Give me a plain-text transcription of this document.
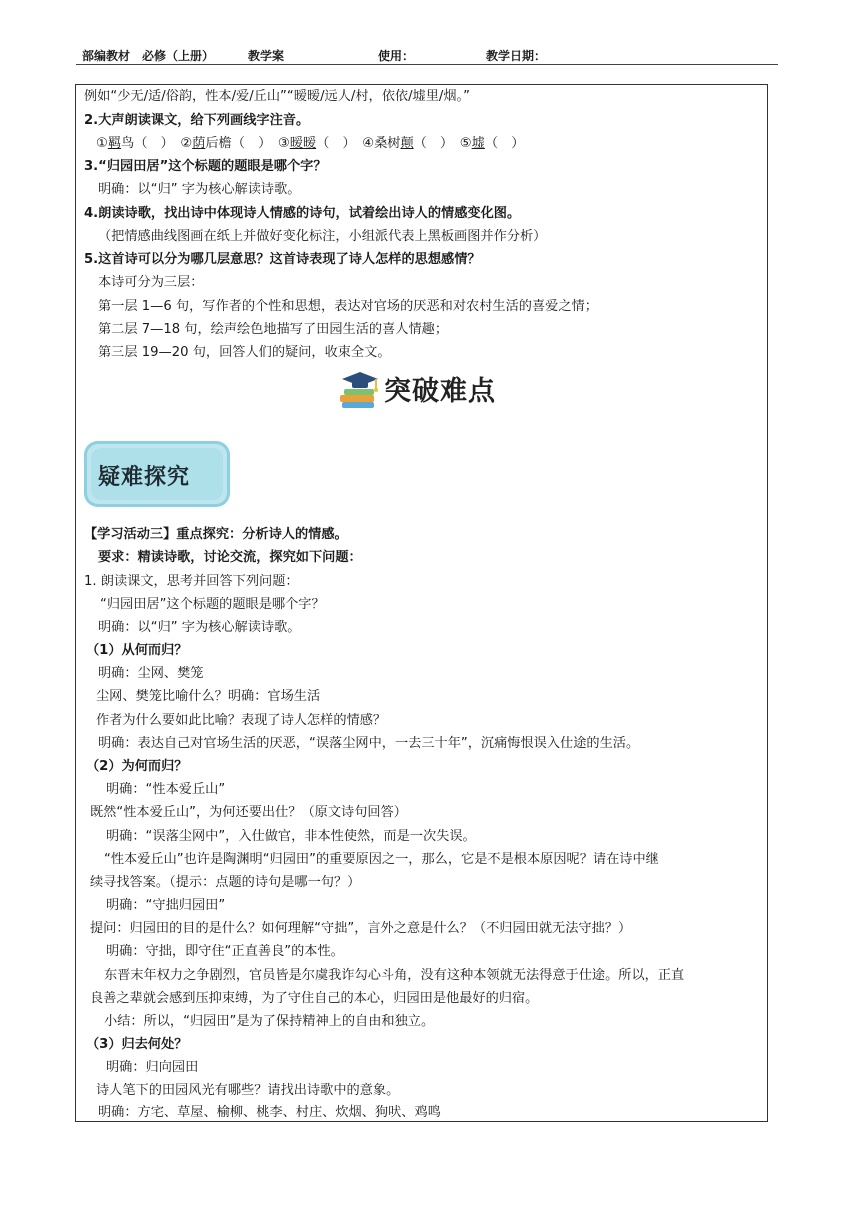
部编教材 必修（上册）	教学案	使用：	教学日期：
例如“少无/适/俗韵，性本/爱/丘山”“暧暧/远人/村，依依/墟里/烟。”
2.大声朗读课文，给下列画线字注音。
①羁鸟（　）　②荫后檐（　）　③暧暧（　）　④桑树颠（　）　⑤墟（　）
3.“归园田居”这个标题的题眼是哪个字？
明确：以“归” 字为核心解读诗歌。
4.朗读诗歌，找出诗中体现诗人情感的诗句，试着绘出诗人的情感变化图。
（把情感曲线图画在纸上并做好变化标注，小组派代表上黑板画图并作分析）
5.这首诗可以分为哪几层意思？这首诗表现了诗人怎样的思想感情？
本诗可分为三层：
第一层 1—6 句，写作者的个性和思想，表达对官场的厌恶和对农村生活的喜爱之情；
第二层 7—18 句，绘声绘色地描写了田园生活的喜人情趣；
第三层 19—20 句，回答人们的疑问，收束全文。
突破难点
疑难探究
【学习活动三】重点探究：分析诗人的情感。
要求：精读诗歌，讨论交流，探究如下问题：
1. 朗读课文，思考并回答下列问题：
“归园田居”这个标题的题眼是哪个字？
明确：以“归” 字为核心解读诗歌。
（1）从何而归？
明确：尘网、樊笼
尘网、樊笼比喻什么？明确：官场生活
作者为什么要如此比喻？表现了诗人怎样的情感？
明确：表达自己对官场生活的厌恶，“误落尘网中，一去三十年”，沉痛悔恨误入仕途的生活。
（2）为何而归？
明确：“性本爱丘山”
既然“性本爱丘山”，为何还要出仕？（原文诗句回答）
明确：“误落尘网中”，入仕做官，非本性使然，而是一次失误。
“性本爱丘山”也许是陶渊明“归园田”的重要原因之一，那么，它是不是根本原因呢？请在诗中继
续寻找答案。（提示：点题的诗句是哪一句？）
明确：“守拙归园田”
提问：归园田的目的是什么？如何理解“守拙”，言外之意是什么？（不归园田就无法守拙？）
明确：守拙，即守住“正直善良”的本性。
东晋末年权力之争剧烈，官员皆是尔虞我诈勾心斗角，没有这种本领就无法得意于仕途。所以，正直
良善之辈就会感到压抑束缚，为了守住自己的本心，归园田是他最好的归宿。
小结：所以，“归园田”是为了保持精神上的自由和独立。
（3）归去何处？
明确：归向园田
诗人笔下的田园风光有哪些？请找出诗歌中的意象。
明确：方宅、草屋、榆柳、桃李、村庄、炊烟、狗吠、鸡鸣
